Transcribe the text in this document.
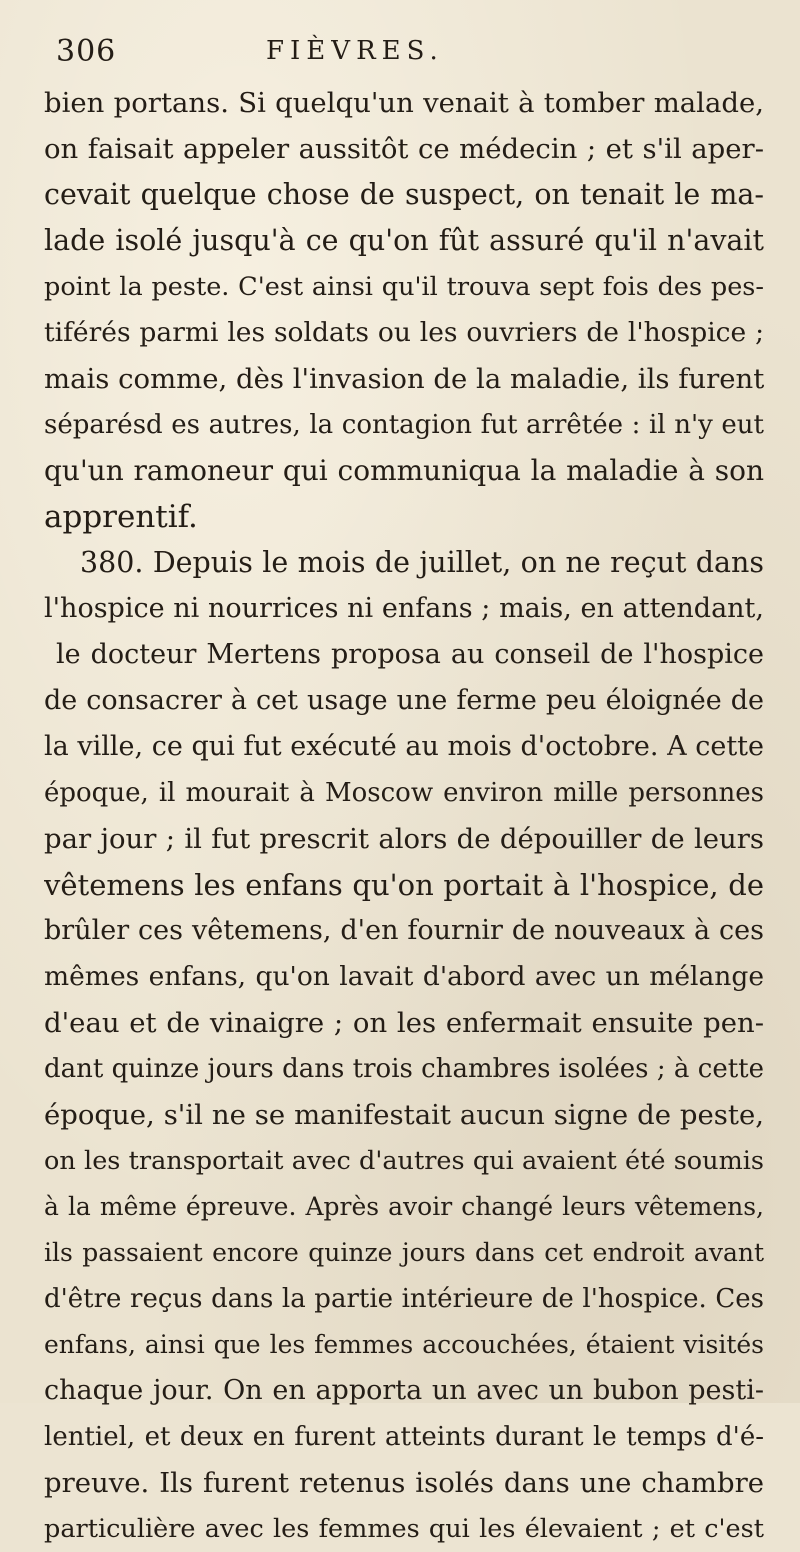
306	FIÈVRES.
bien portans. Si quelqu'un venait à tomber malade,
on faisait appeler aussitôt ce médecin ; et s'il aper-
cevait quelque chose de suspect, on tenait le ma-
lade isolé jusqu'à ce qu'on fût assuré qu'il n'avait
point la peste. C'est ainsi qu'il trouva sept fois des pes-
tiférés parmi les soldats ou les ouvriers de l'hospice ;
mais comme, dès l'invasion de la maladie, ils furent
séparésd es autres, la contagion fut arrêtée : il n'y eut
qu'un ramoneur qui communiqua la maladie à son
apprentif.
380. Depuis le mois de juillet, on ne reçut dans
l'hospice ni nourrices ni enfans ; mais, en attendant,
le docteur Mertens proposa au conseil de l'hospice
de consacrer à cet usage une ferme peu éloignée de
la ville, ce qui fut exécuté au mois d'octobre. A cette
époque, il mourait à Moscow environ mille personnes
par jour ; il fut prescrit alors de dépouiller de leurs
vêtemens les enfans qu'on portait à l'hospice, de
brûler ces vêtemens, d'en fournir de nouveaux à ces
mêmes enfans, qu'on lavait d'abord avec un mélange
d'eau et de vinaigre ; on les enfermait ensuite pen-
dant quinze jours dans trois chambres isolées ; à cette
époque, s'il ne se manifestait aucun signe de peste,
on les transportait avec d'autres qui avaient été soumis
à la même épreuve. Après avoir changé leurs vêtemens,
ils passaient encore quinze jours dans cet endroit avant
d'être reçus dans la partie intérieure de l'hospice. Ces
enfans, ainsi que les femmes accouchées, étaient visités
chaque jour. On en apporta un avec un bubon pesti-
lentiel, et deux en furent atteints durant le temps d'é-
preuve. Ils furent retenus isolés dans une chambre
particulière avec les femmes qui les élevaient ; et c'est
